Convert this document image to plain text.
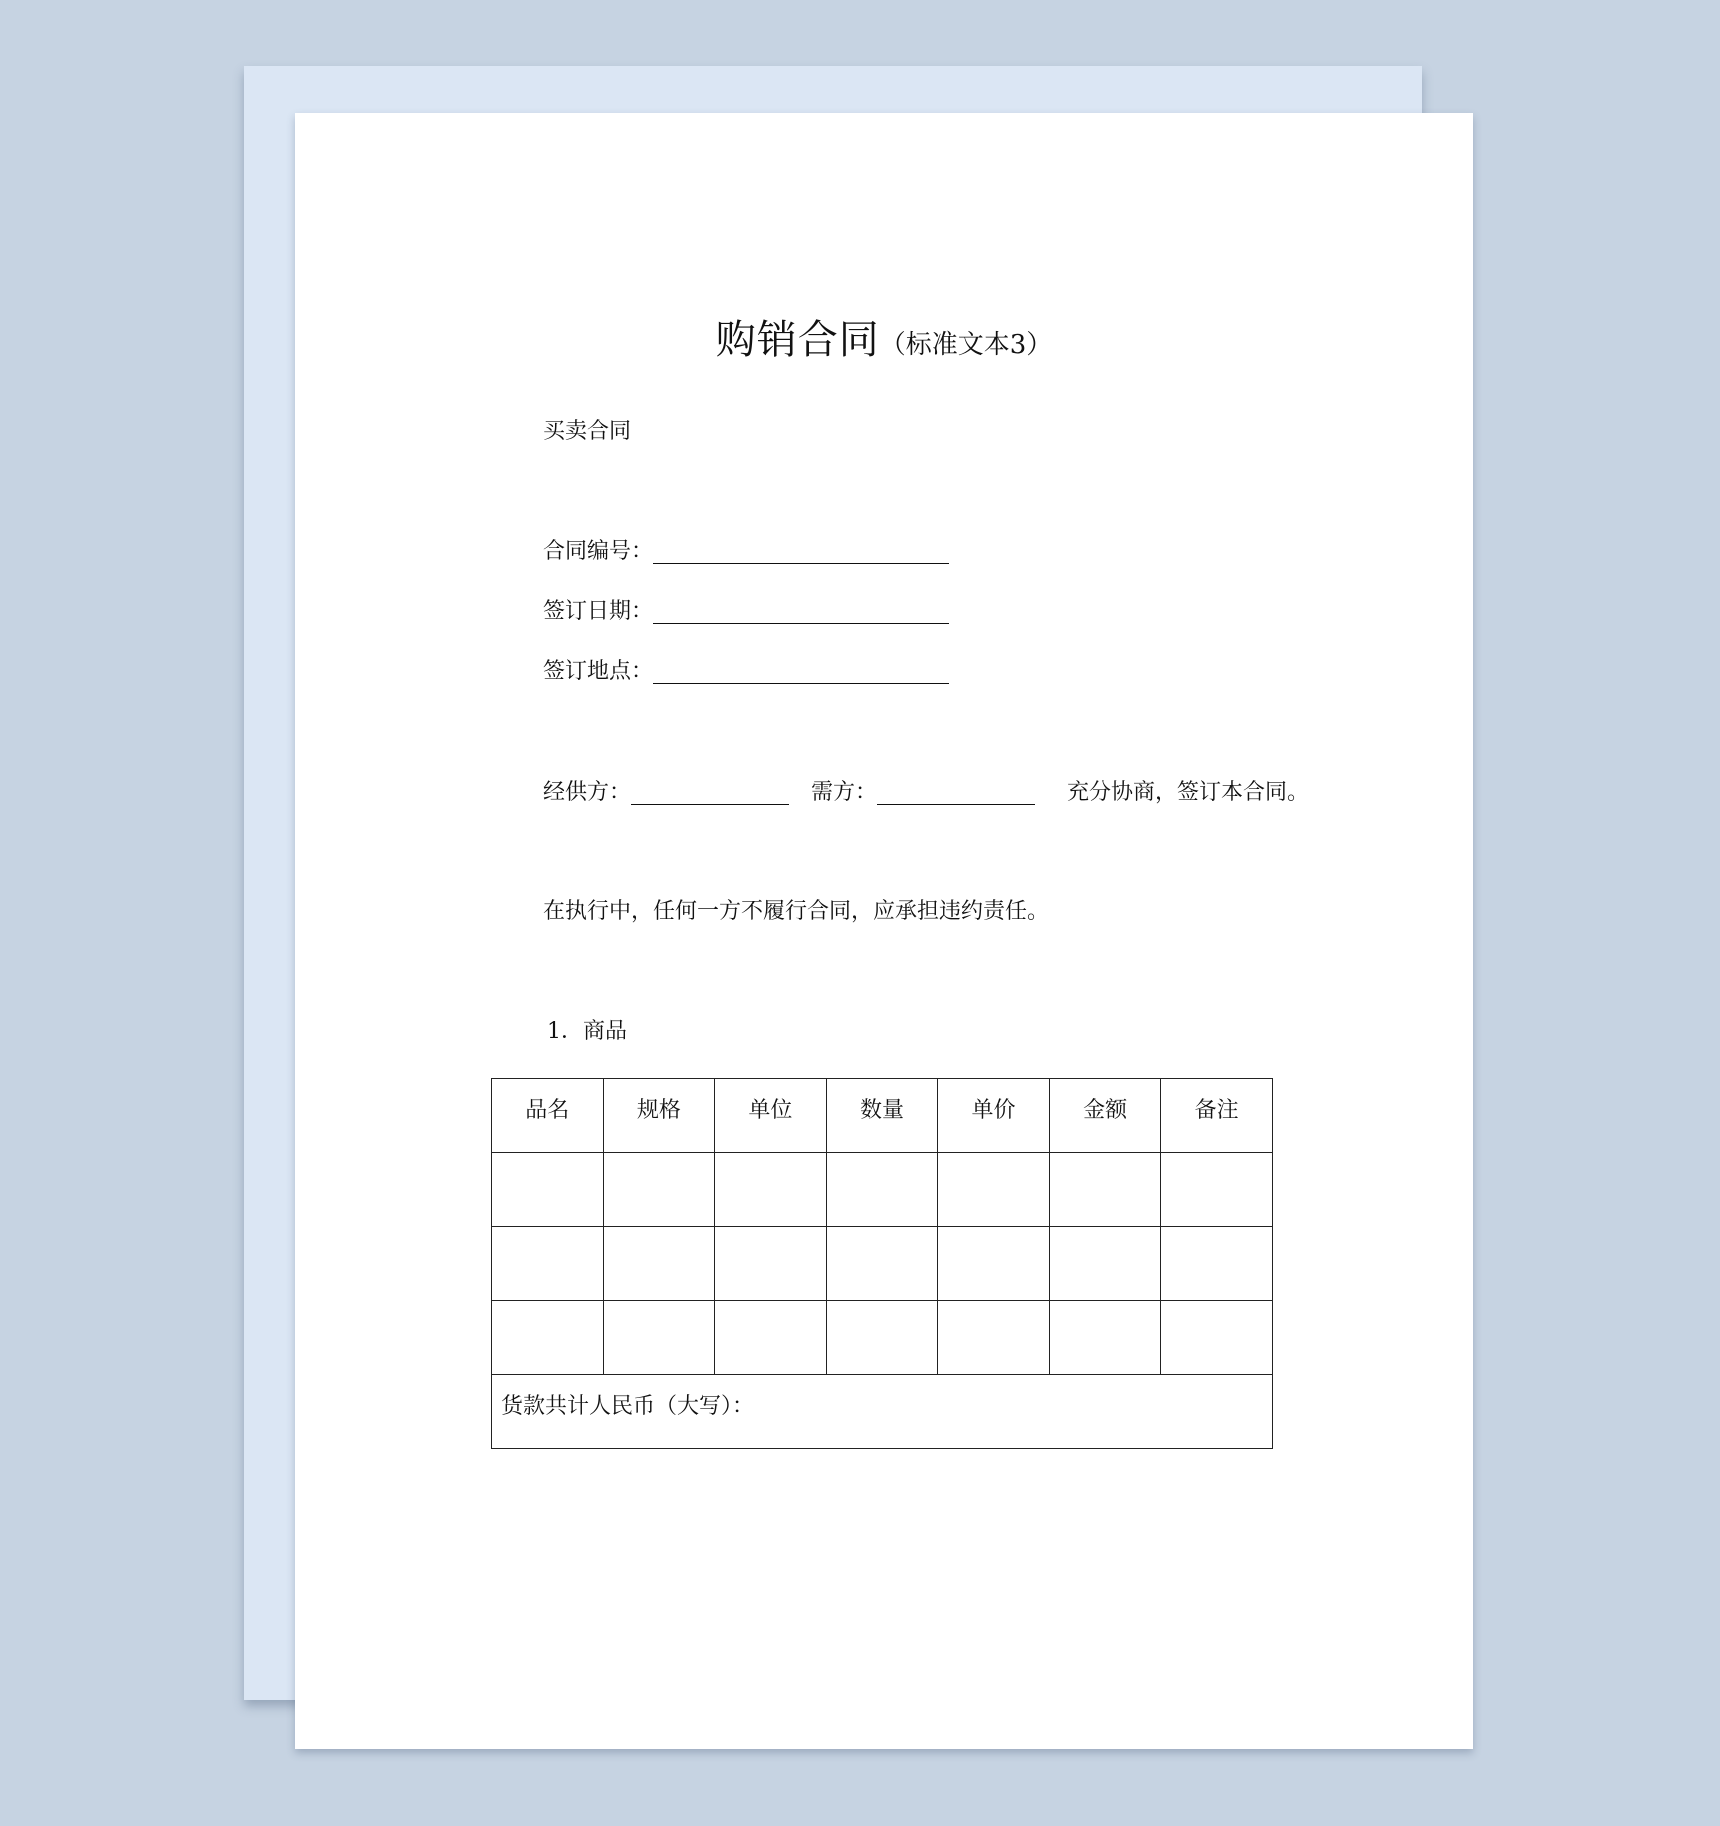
购销合同（标准文本3）
买卖合同
合同编号：
签订日期：
签订地点：
经供方：	需方：	充分协商，签订本合同。
在执行中，任何一方不履行合同，应承担违约责任。
1．商品
品名	规格	单位	数量	单价	金额	备注

货款共计人民币（大写）：						
